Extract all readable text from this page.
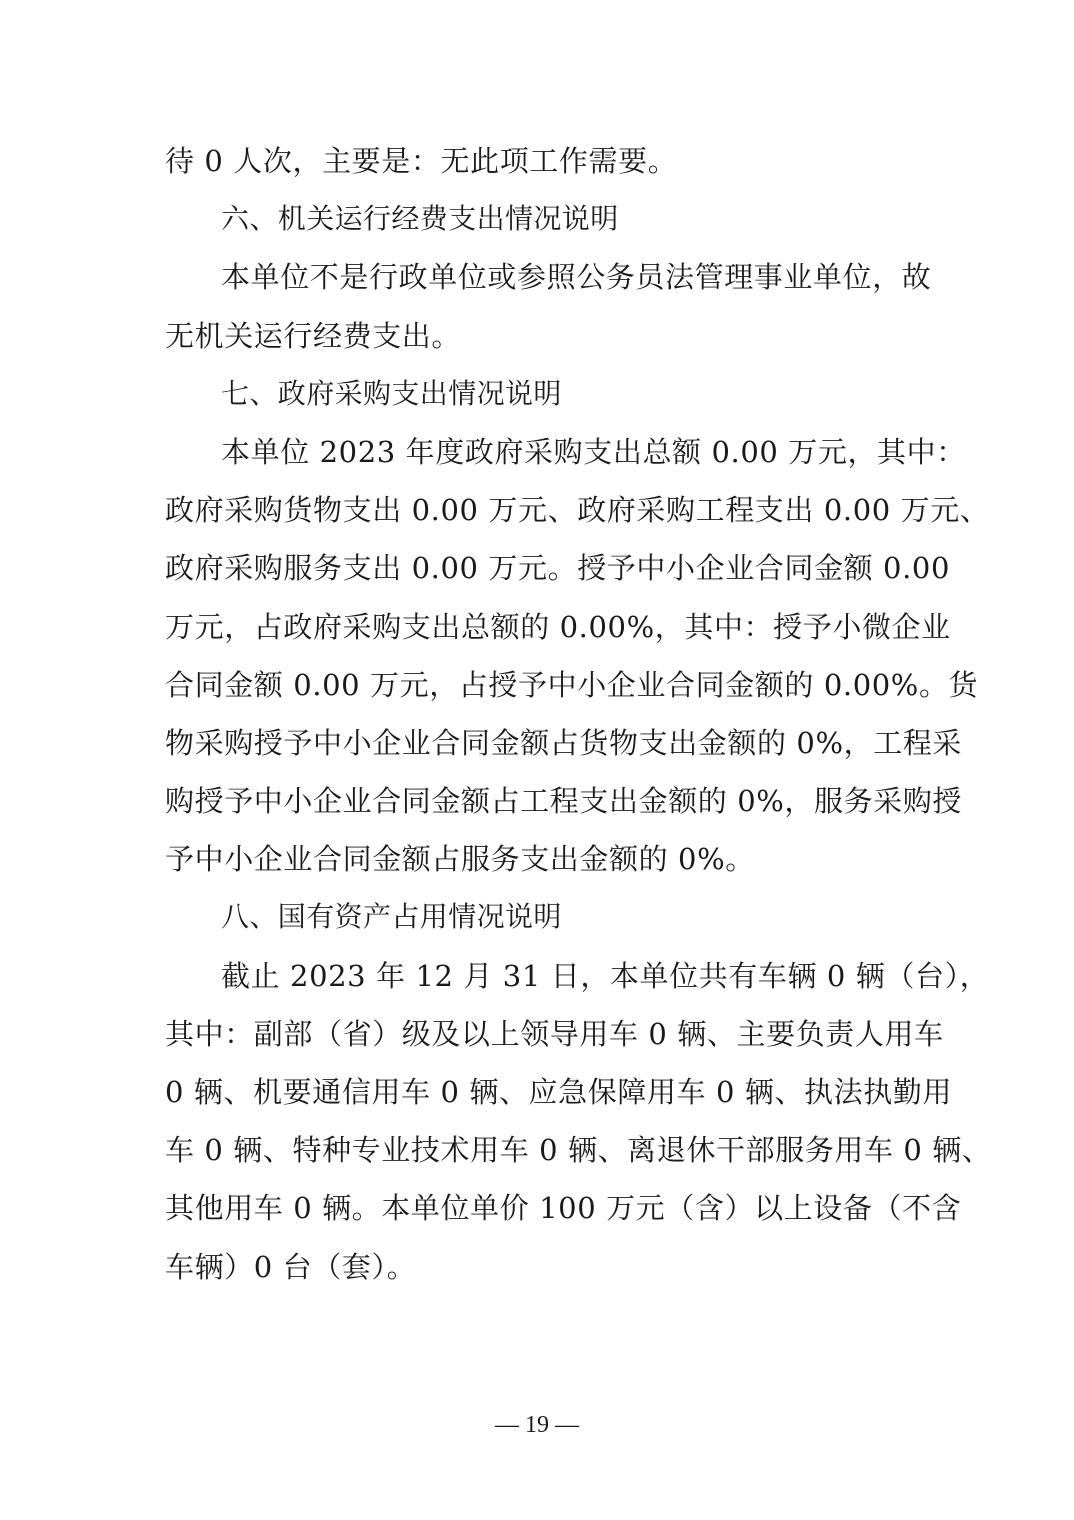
待 0 人次，主要是：无此项工作需要。
六、机关运行经费支出情况说明
本单位不是行政单位或参照公务员法管理事业单位，故
无机关运行经费支出。
七、政府采购支出情况说明
本单位 2023 年度政府采购支出总额 0.00 万元，其中：
政府采购货物支出 0.00 万元、政府采购工程支出 0.00 万元、
政府采购服务支出 0.00 万元。授予中小企业合同金额 0.00
万元，占政府采购支出总额的 0.00%，其中：授予小微企业
合同金额 0.00 万元，占授予中小企业合同金额的 0.00%。货
物采购授予中小企业合同金额占货物支出金额的 0%，工程采
购授予中小企业合同金额占工程支出金额的 0%，服务采购授
予中小企业合同金额占服务支出金额的 0%。
八、国有资产占用情况说明
截止 2023 年 12 月 31 日，本单位共有车辆 0 辆（台），
其中：副部（省）级及以上领导用车 0 辆、主要负责人用车
0 辆、机要通信用车 0 辆、应急保障用车 0 辆、执法执勤用
车 0 辆、特种专业技术用车 0 辆、离退休干部服务用车 0 辆、
其他用车 0 辆。本单位单价 100 万元（含）以上设备（不含
车辆）0 台（套）。
— 19 —
